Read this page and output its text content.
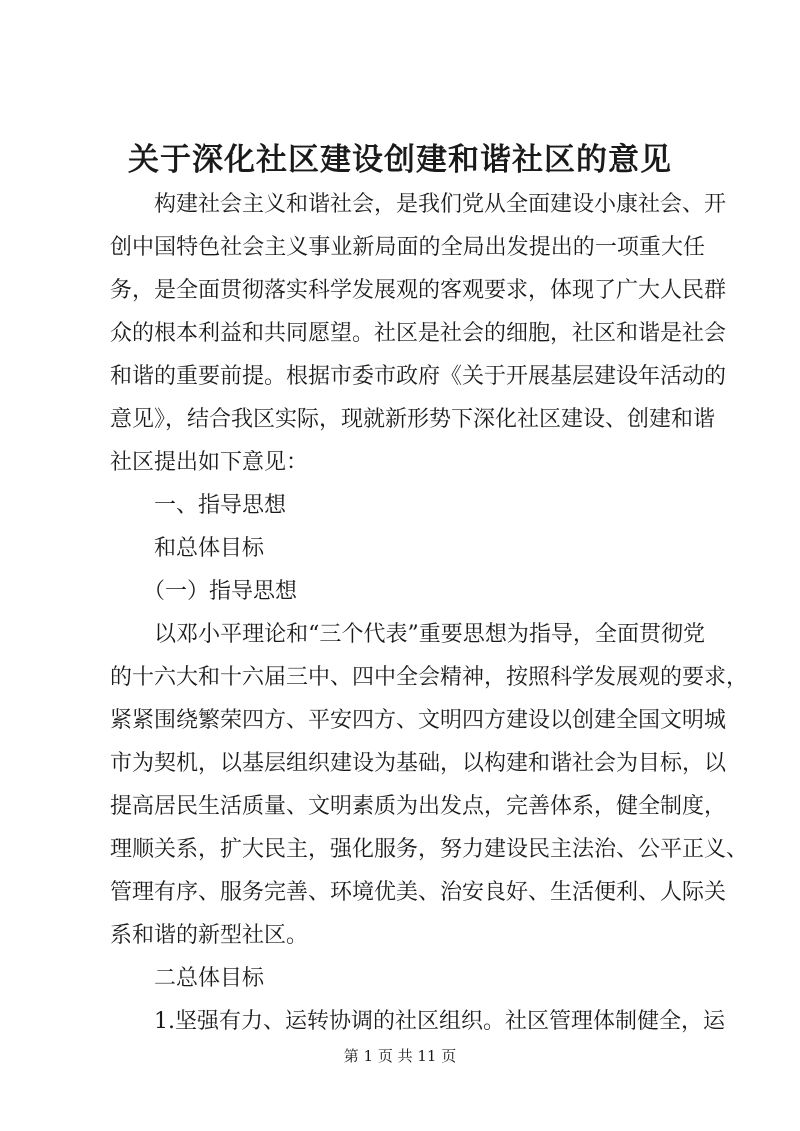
关于深化社区建设创建和谐社区的意见
　　构建社会主义和谐社会，是我们党从全面建设小康社会、开
创中国特色社会主义事业新局面的全局出发提出的一项重大任
务，是全面贯彻落实科学发展观的客观要求，体现了广大人民群
众的根本利益和共同愿望。社区是社会的细胞，社区和谐是社会
和谐的重要前提。根据市委市政府《关于开展基层建设年活动的
意见》，结合我区实际，现就新形势下深化社区建设、创建和谐
社区提出如下意见：
　　一、指导思想
　　和总体目标
　　（一）指导思想
　　以邓小平理论和“三个代表”重要思想为指导，全面贯彻党
的十六大和十六届三中、四中全会精神，按照科学发展观的要求，
紧紧围绕繁荣四方、平安四方、文明四方建设以创建全国文明城
市为契机，以基层组织建设为基础，以构建和谐社会为目标，以
提高居民生活质量、文明素质为出发点，完善体系，健全制度，
理顺关系，扩大民主，强化服务，努力建设民主法治、公平正义、
管理有序、服务完善、环境优美、治安良好、生活便利、人际关
系和谐的新型社区。
　　二总体目标
　　1.坚强有力、运转协调的社区组织。社区管理体制健全，运
第 1 页 共 11 页
